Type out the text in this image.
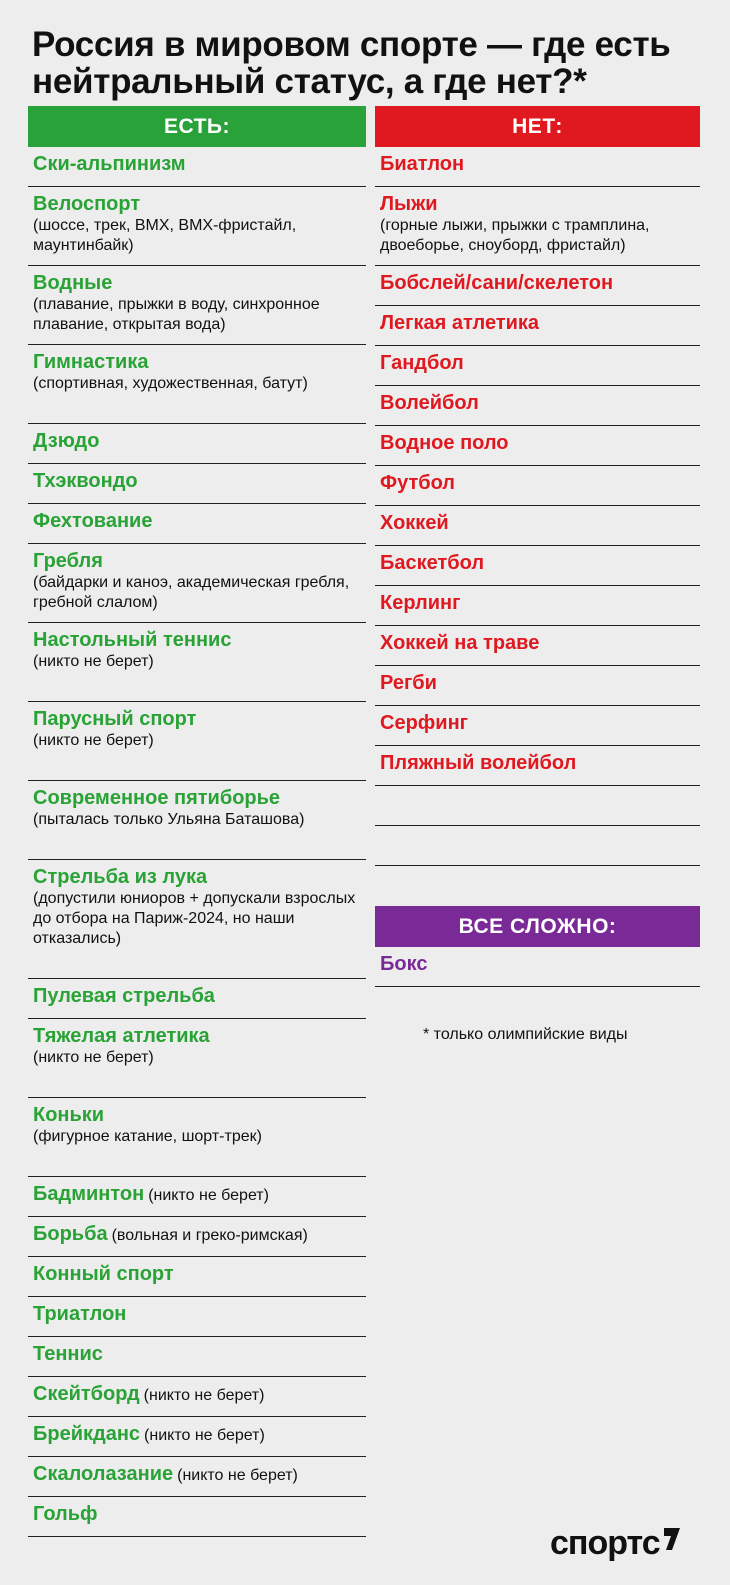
Россия в мировом спорте — где есть нейтральный статус, а где нет?*
ЕСТЬ:
Ски-альпинизм
Велоспорт
(шоссе, трек, BMX, BMX-фристайл, маунтинбайк)
Водные
(плавание, прыжки в воду, синхронное плавание, открытая вода)
Гимнастика
(спортивная, художественная, батут)
Дзюдо
Тхэквондо
Фехтование
Гребля
(байдарки и каноэ, академическая гребля, гребной слалом)
Настольный теннис
(никто не берет)
Парусный спорт
(никто не берет)
Современное пятиборье
(пыталась только Ульяна Баташова)
Стрельба из лука
(допустили юниоров + допускали взрослых до отбора на Париж-2024, но наши отказались)
Пулевая стрельба
Тяжелая атлетика
(никто не берет)
Коньки
(фигурное катание, шорт-трек)
Бадминтон (никто не берет)
Борьба (вольная и греко-римская)
Конный спорт
Триатлон
Теннис
Скейтборд (никто не берет)
Брейкданс (никто не берет)
Скалолазание (никто не берет)
Гольф
НЕТ:
Биатлон
Лыжи
(горные лыжи, прыжки с трамплина, двоеборье, сноуборд, фристайл)
Бобслей/сани/скелетон
Легкая атлетика
Гандбол
Волейбол
Водное поло
Футбол
Хоккей
Баскетбол
Керлинг
Хоккей на траве
Регби
Серфинг
Пляжный волейбол
ВСЕ СЛОЖНО:
Бокс
* только олимпийские виды
спортс
